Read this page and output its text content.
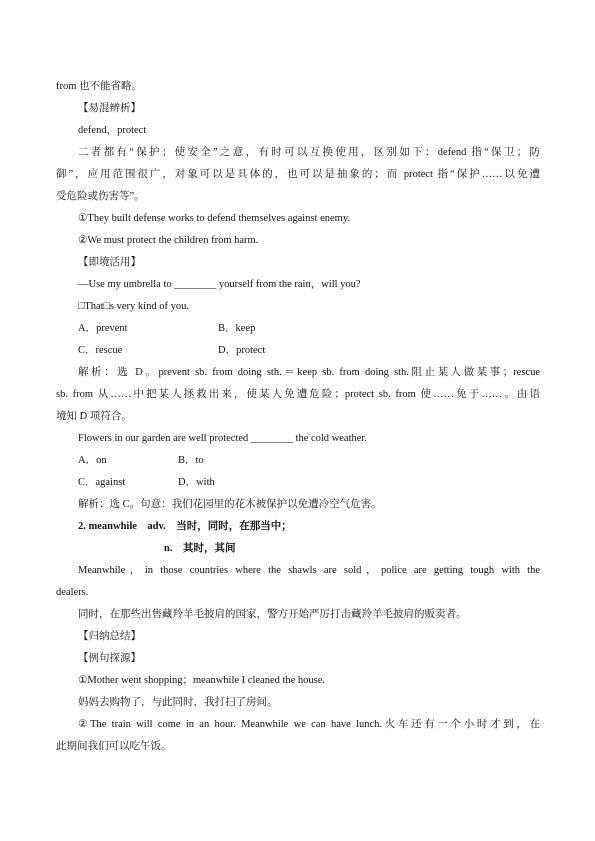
from 也不能省略。
【易混辨析】
defend，protect
二者都有“保护；使安全”之意，有时可以互换使用，区别如下：defend 指“保卫；防
御”，应用范围很广，对象可以是具体的，也可以是抽象的；而 protect 指“保护……以免遭
受危险或伤害等”。
①They built defense works to defend themselves against enemy.
②We must protect the children from harm.
【即境活用】
—Use my umbrella to ________ yourself from the rain，will you?
□That□s very kind of you.
A．prevent	B．keep
C．rescue	D．protect
解析：选 D。prevent sb. from doing sth.＝keep sb. from doing sth.阻止某人做某事；rescue
sb. from 从……中把某人拯救出来，使某人免遭危险；protect sb. from 使……免于……。由语
境知 D 项符合。
Flowers in our garden are well protected ________ the cold weather.
A．on	B．to
C．against	D．with
解析：选 C。句意：我们花园里的花木被保护以免遭冷空气危害。
2. meanwhile　adv.　当时，同时，在那当中；
n.　其时，其间
Meanwhile，in those countries where the shawls are sold，police are getting tough with the
dealers.
同时，在那些出售藏羚羊毛披肩的国家，警方开始严厉打击藏羚羊毛披肩的贩卖者。
【归纳总结】
【例句探源】
①Mother went shopping；meanwhile I cleaned the house.
妈妈去购物了，与此同时，我打扫了房间。
②The train will come in an hour. Meanwhile we can have lunch.火车还有一个小时才到，在
此期间我们可以吃午饭。
